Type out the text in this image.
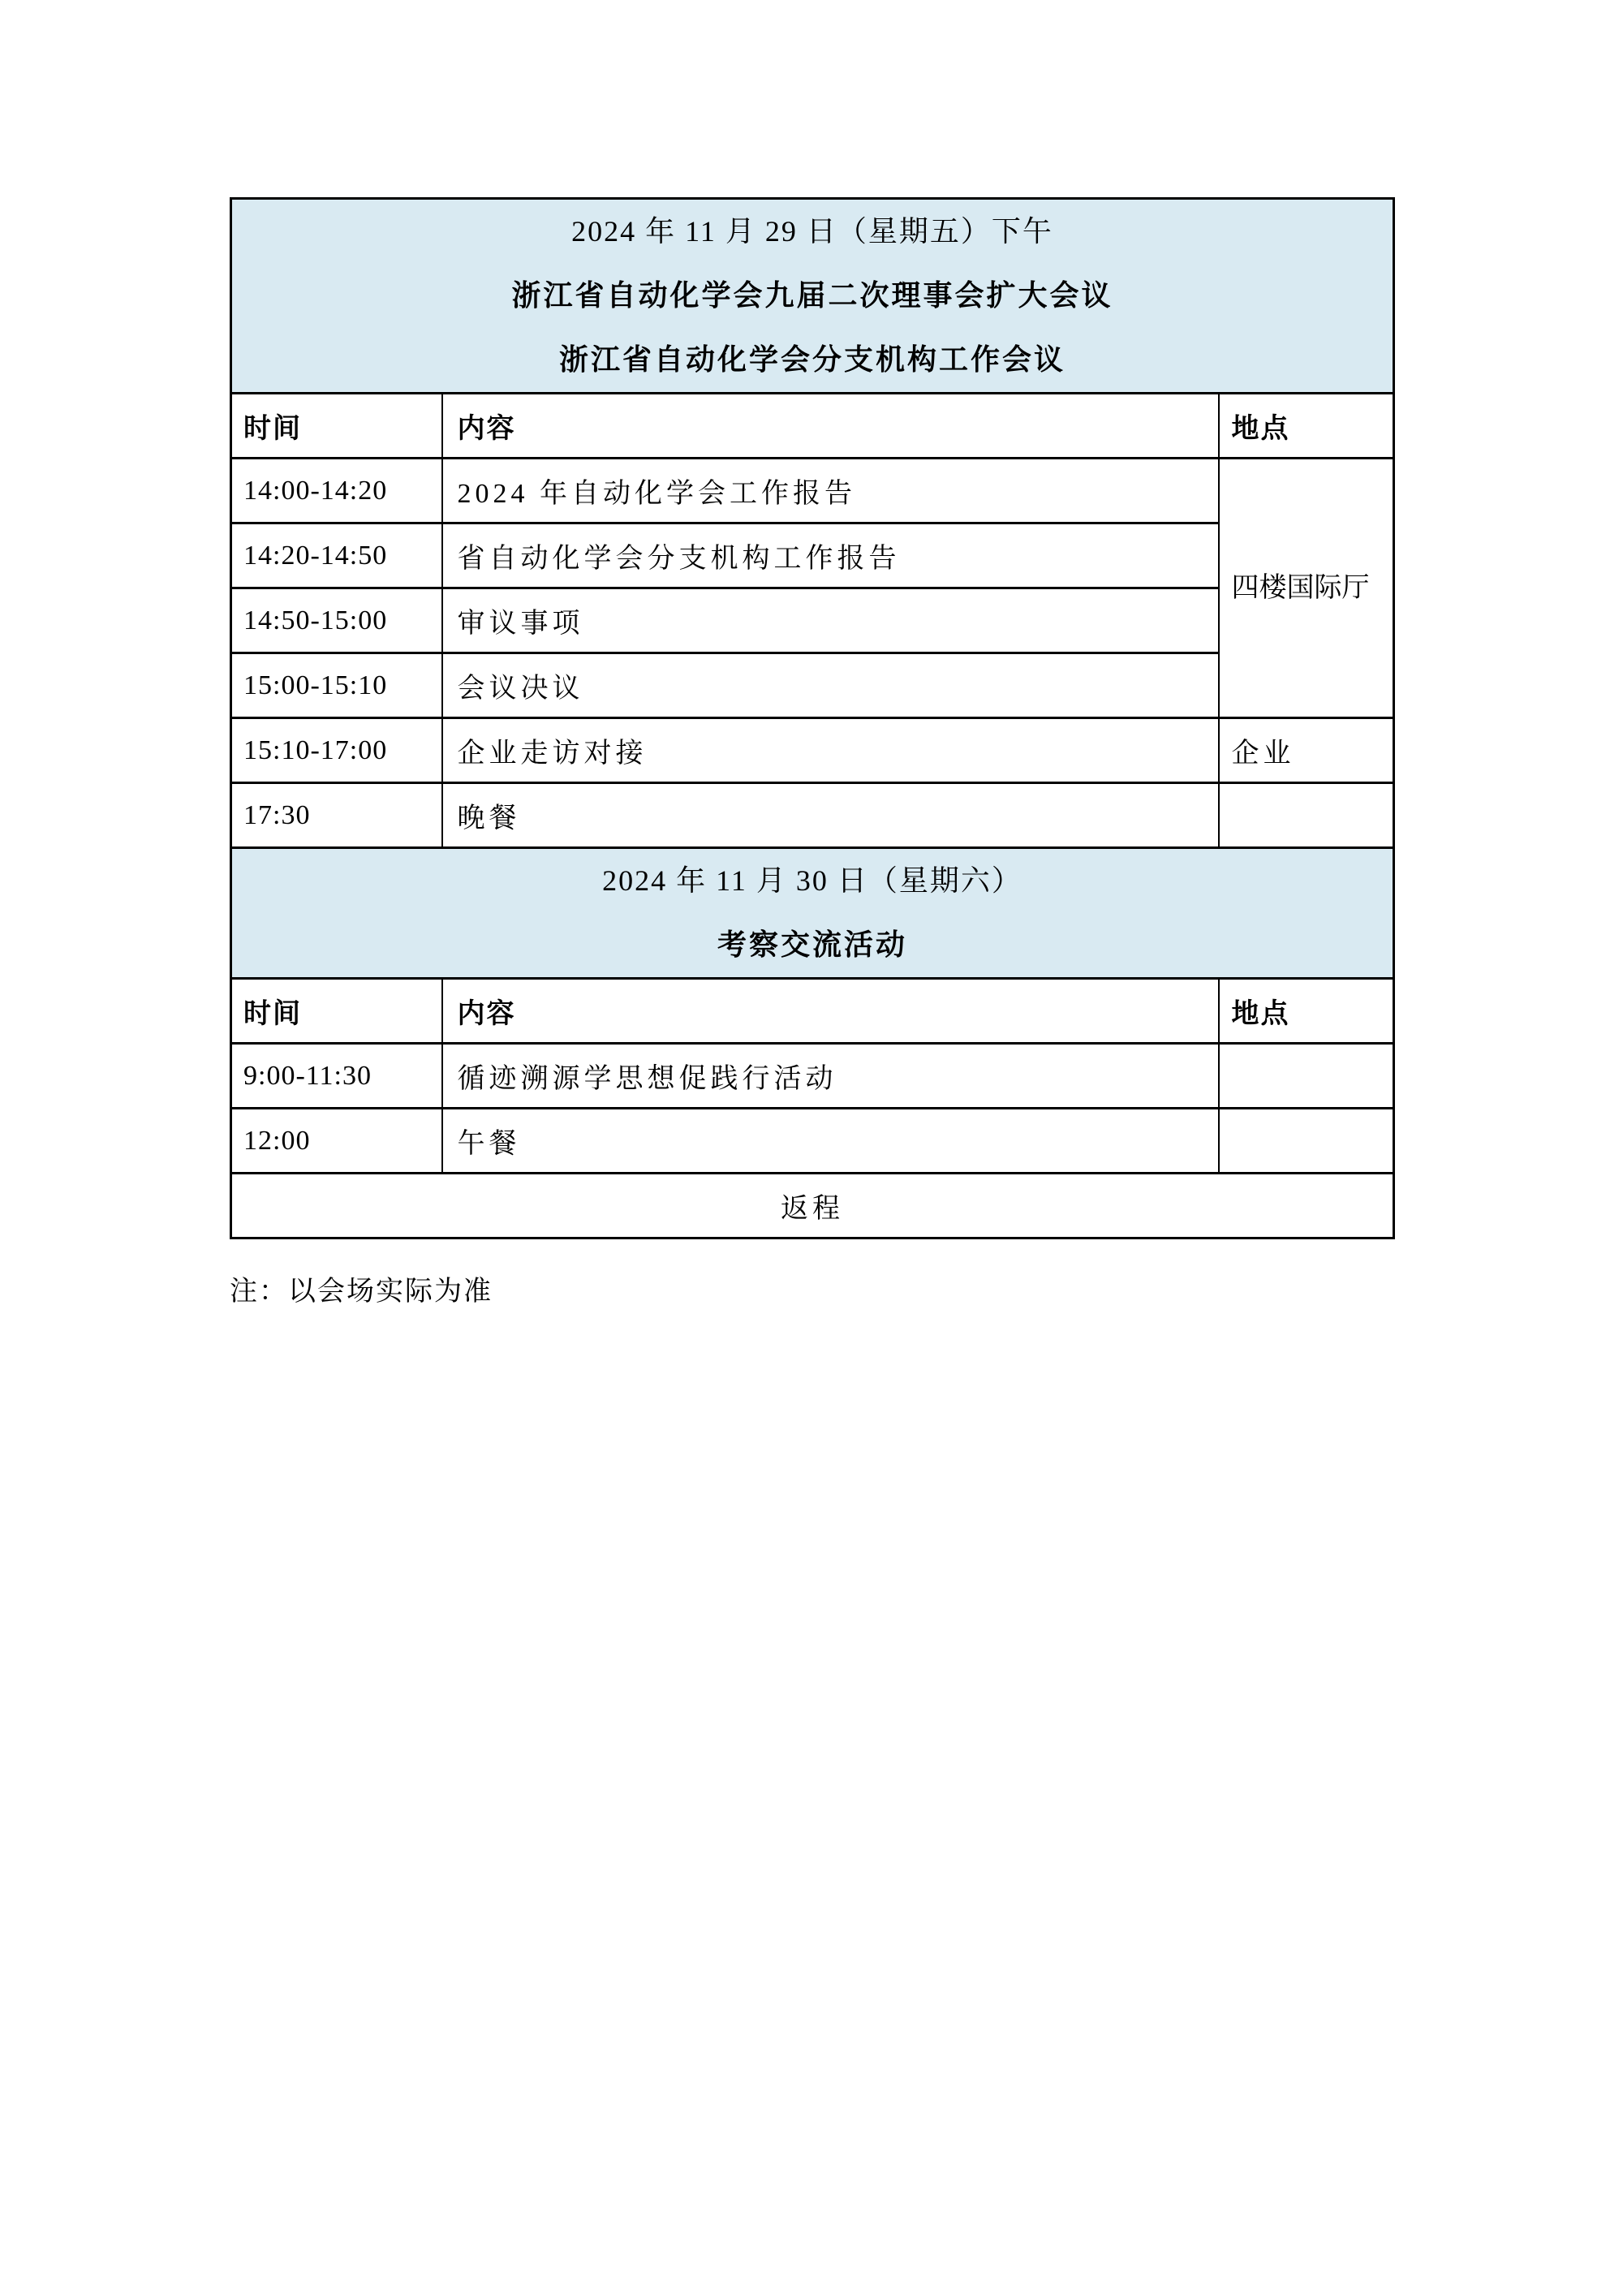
2024 年 11 月 29 日（星期五）下午
浙江省自动化学会九届二次理事会扩大会议
浙江省自动化学会分支机构工作会议		

时间	内容	地点
14:00-14:20	2024 年自动化学会工作报告	四楼国际厅

14:20-14:50	省自动化学会分支机构工作报告	
14:50-15:00	审议事项	
15:00-15:10	会议决议	
15:10-17:00	企业走访对接	企业
17:30	晚餐	

2024 年 11 月 30 日（星期六）
考察交流活动		

时间	内容	地点
9:00-11:30	循迹溯源学思想促践行活动	
12:00	午餐	
返程		
注：以会场实际为准
